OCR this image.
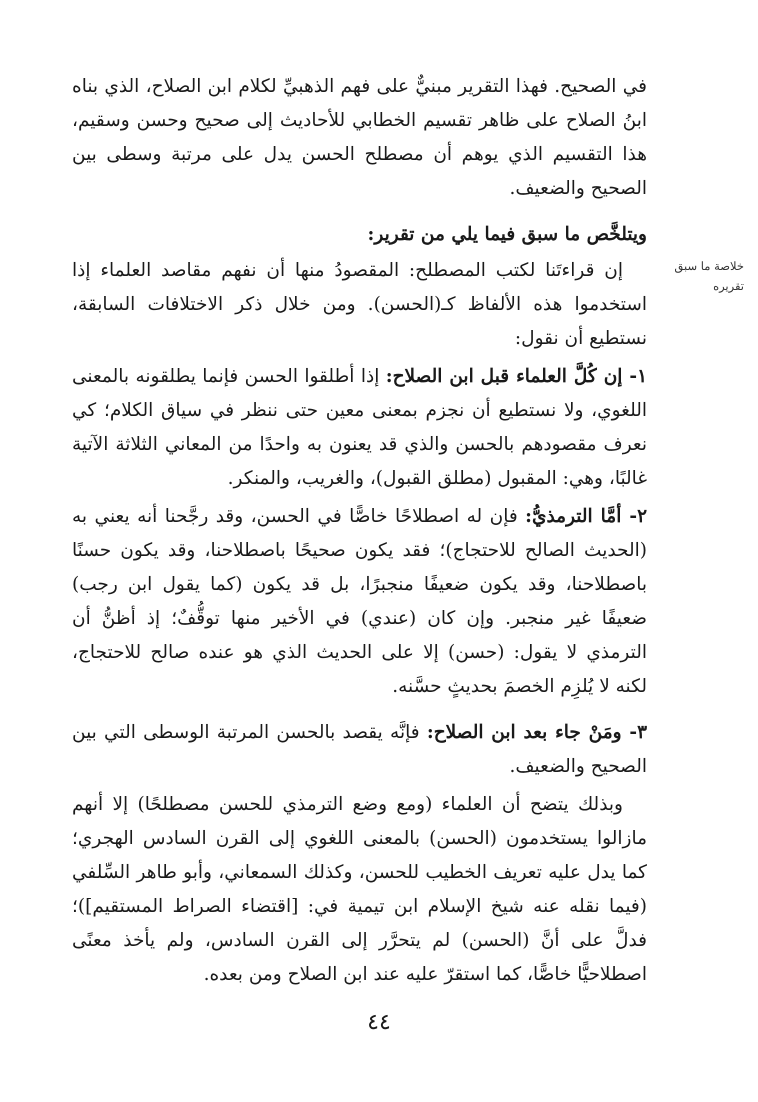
في الصحيح. فهذا التقرير مبنيٌّ على فهم الذهبيِّ لكلام ابن الصلاح، الذي بناه ابنُ الصلاح على ظاهر تقسيم الخطابي للأحاديث إلى صحيح وحسن وسقيم، هذا التقسيم الذي يوهم أن مصطلح الحسن يدل على مرتبة وسطى بين الصحيح والضعيف.

ويتلخَّص ما سبق فيما يلي من تقرير:

خلاصة ما سبق تقريره

إن قراءتَنا لكتب المصطلح: المقصودُ منها أن نفهم مقاصد العلماء إذا استخدموا هذه الألفاظ كـ(الحسن). ومن خلال ذكر الاختلافات السابقة، نستطيع أن نقول:

١- إن كُلَّ العلماء قبل ابن الصلاح: إذا أطلقوا الحسن فإنما يطلقونه بالمعنى اللغوي، ولا نستطيع أن نجزم بمعنى معين حتى ننظر في سياق الكلام؛ كي نعرف مقصودهم بالحسن والذي قد يعنون به واحدًا من المعاني الثلاثة الآتية غالبًا، وهي: المقبول (مطلق القبول)، والغريب، والمنكر.

٢- أمَّا الترمذيُّ: فإن له اصطلاحًا خاصًّا في الحسن، وقد رجَّحنا أنه يعني به (الحديث الصالح للاحتجاج)؛ فقد يكون صحيحًا باصطلاحنا، وقد يكون حسنًا باصطلاحنا، وقد يكون ضعيفًا منجبرًا، بل قد يكون (كما يقول ابن رجب) ضعيفًا غير منجبر. وإن كان (عندي) في الأخير منها توقُّفٌ؛ إذ أظنُّ أن الترمذي لا يقول: (حسن) إلا على الحديث الذي هو عنده صالح للاحتجاج، لكنه لا يُلزِم الخصمَ بحديثٍ حسَّنه.

٣- ومَنْ جاء بعد ابن الصلاح: فإنَّه يقصد بالحسن المرتبة الوسطى التي بين الصحيح والضعيف.

وبذلك يتضح أن العلماء (ومع وضع الترمذي للحسن مصطلحًا) إلا أنهم مازالوا يستخدمون (الحسن) بالمعنى اللغوي إلى القرن السادس الهجري؛ كما يدل عليه تعريف الخطيب للحسن، وكذلك السمعاني، وأبو طاهر السِّلفي (فيما نقله عنه شيخ الإسلام ابن تيمية في: [اقتضاء الصراط المستقيم])؛ فدلَّ على أنَّ (الحسن) لم يتحرَّر إلى القرن السادس، ولم يأخذ معنًى اصطلاحيًّا خاصًّا، كما استقرّ عليه عند ابن الصلاح ومن بعده.

٤٤
